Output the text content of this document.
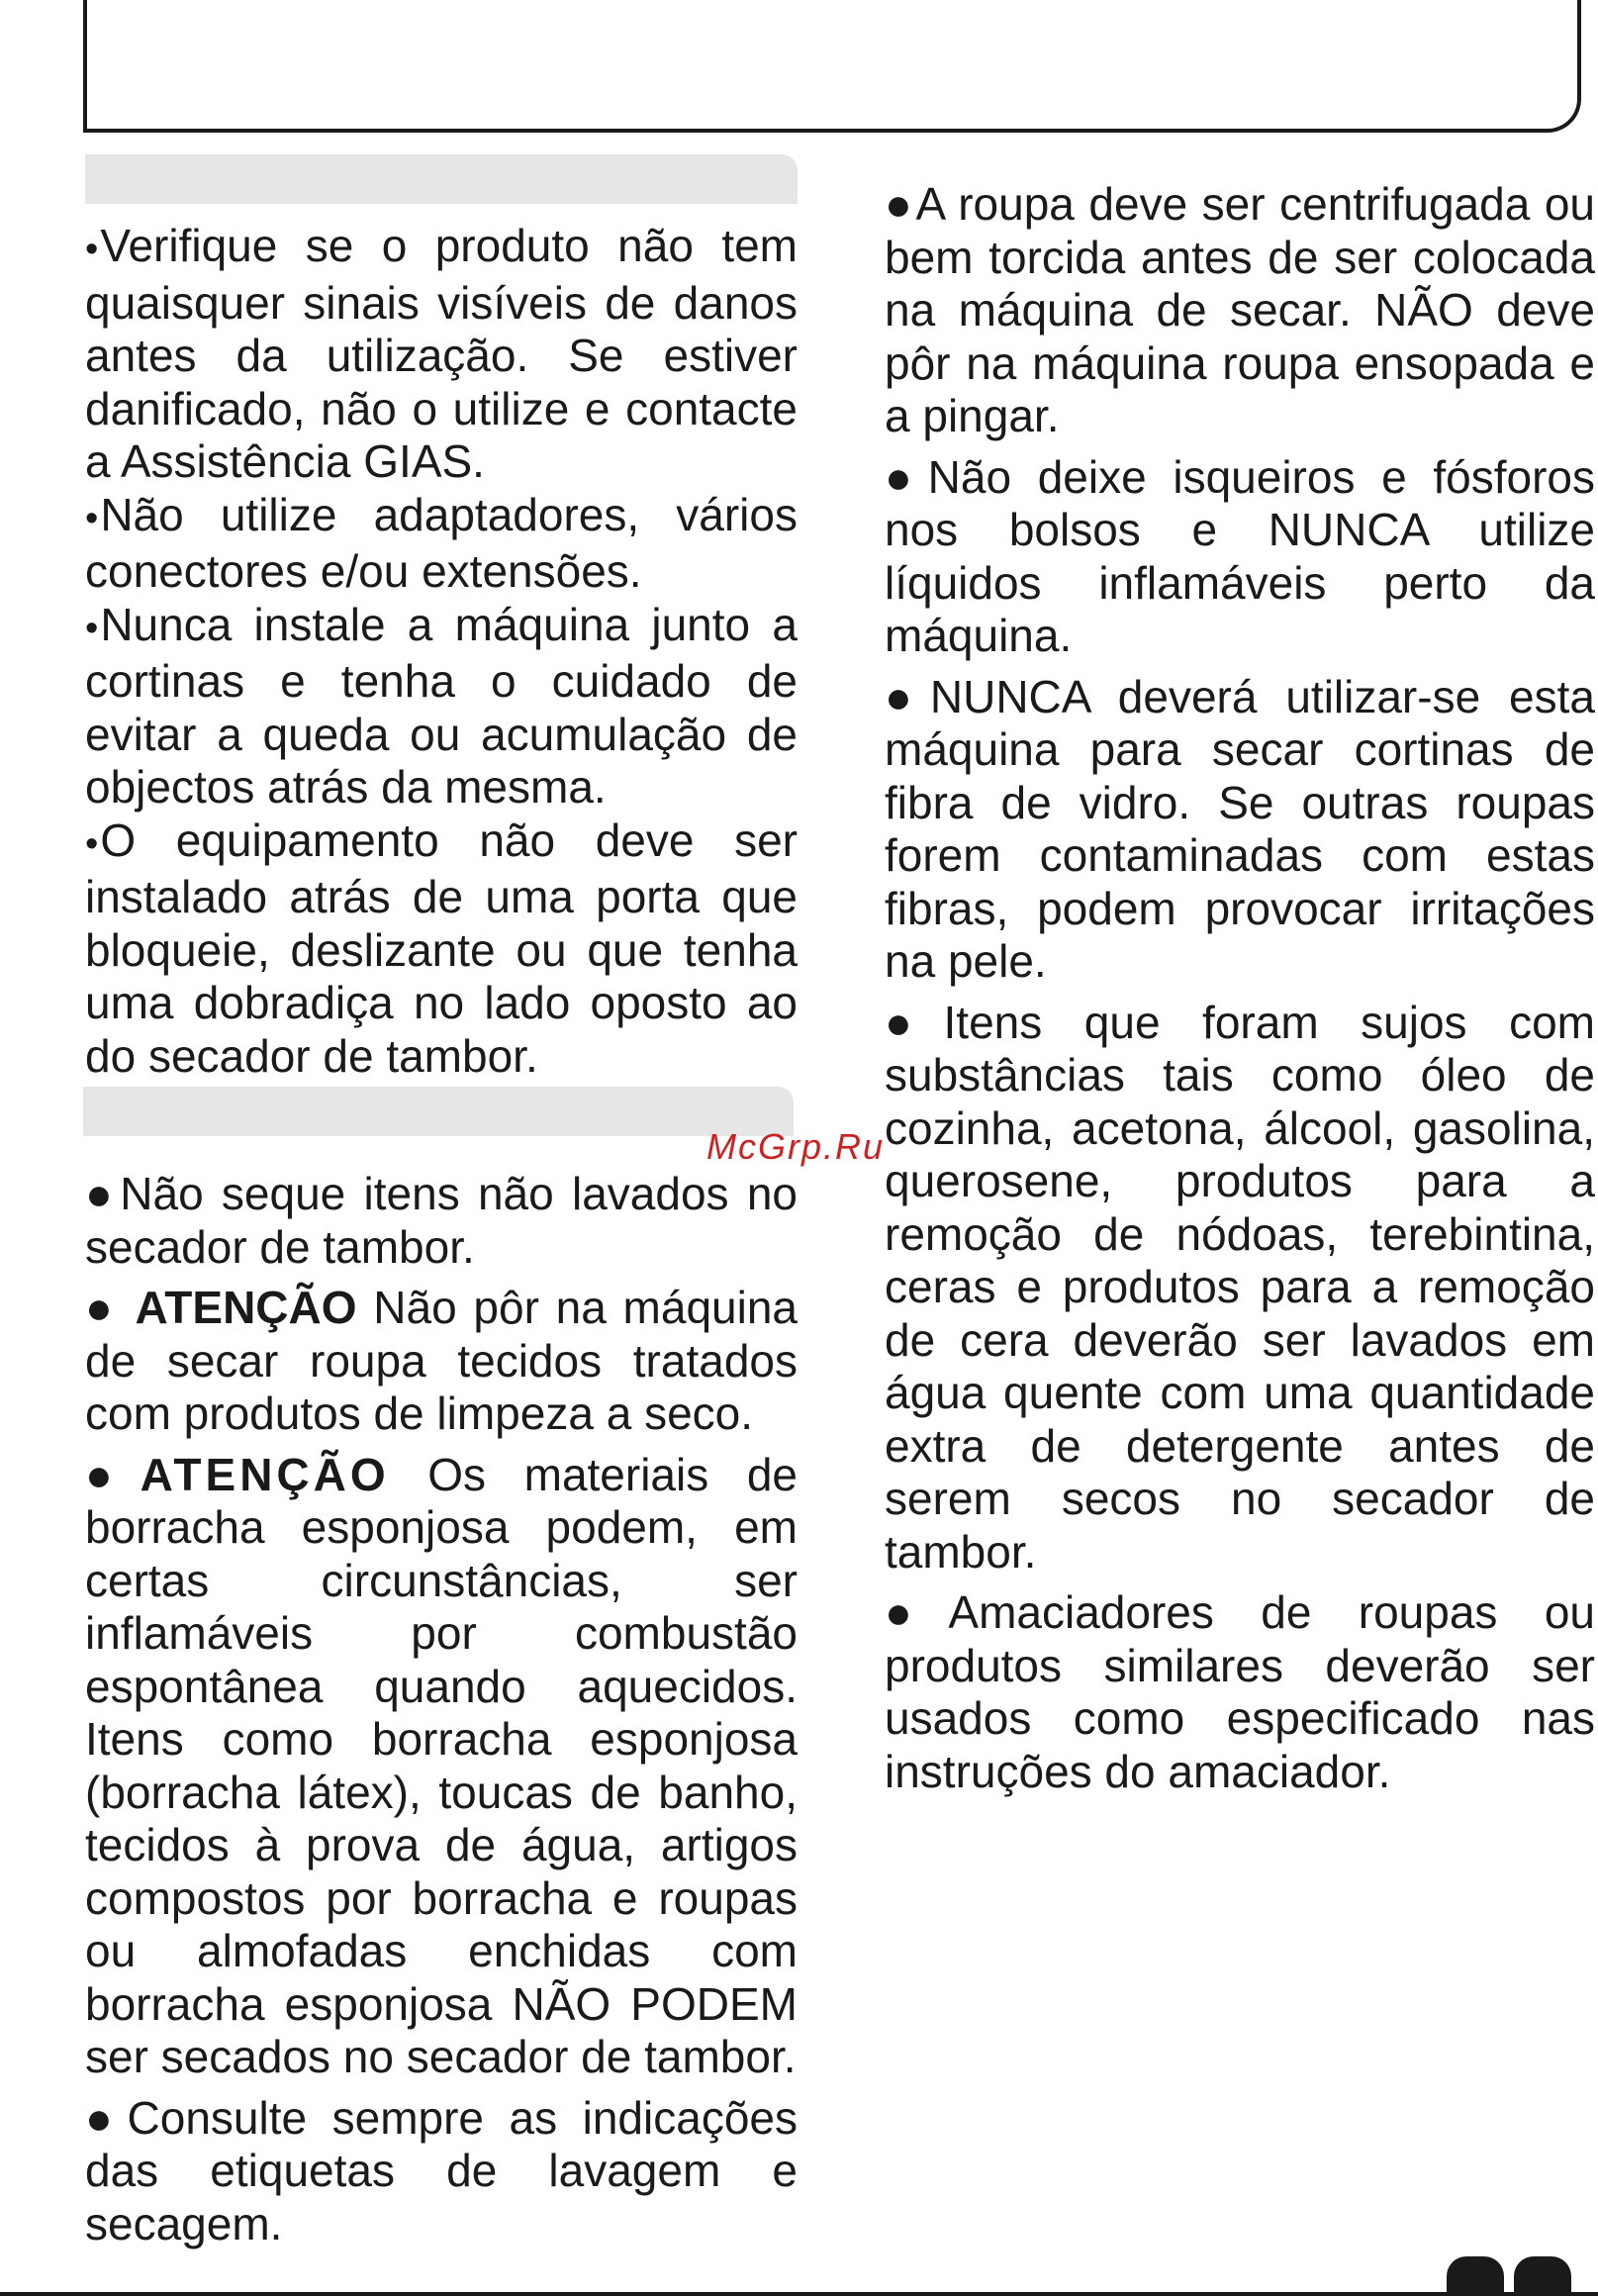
•Verifique se o produto não tem quaisquer sinais visíveis de danos antes da utilização. Se estiver danificado, não o utilize e contacte a Assistência GIAS.

•Não utilize adaptadores, vários conectores e/ou extensões.

•Nunca instale a máquina junto a cortinas e tenha o cuidado de evitar a queda ou acumulação de objectos atrás da mesma.

•O equipamento não deve ser instalado atrás de uma porta que bloqueie, deslizante ou que tenha uma dobradiça no lado oposto ao do secador de tambor.

●Não seque itens não lavados no secador de tambor.

● ATENÇÃO Não pôr na máquina de secar roupa tecidos tratados com produtos de limpeza a seco.

●ATENÇÃO Os materiais de borracha esponjosa podem, em certas circunstâncias, ser inflamáveis por combustão espontânea quando aquecidos. Itens como borracha esponjosa (borracha látex), toucas de banho, tecidos à prova de água, artigos compostos por borracha e roupas ou almofadas enchidas com borracha esponjosa NÃO PODEM ser secados no secador de tambor.

●Consulte sempre as indicações das etiquetas de lavagem e secagem.

●A roupa deve ser centrifugada ou bem torcida antes de ser colocada na máquina de secar. NÃO deve pôr na máquina roupa ensopada e a pingar.

●Não deixe isqueiros e fósforos nos bolsos e NUNCA utilize líquidos inflamáveis perto da máquina.

●NUNCA deverá utilizar-se esta máquina para secar cortinas de fibra de vidro. Se outras roupas forem contaminadas com estas fibras, podem provocar irritações na pele.

●Itens que foram sujos com substâncias tais como óleo de cozinha, acetona, álcool, gasolina, querosene, produtos para a remoção de nódoas, terebintina, ceras e produtos para a remoção de cera deverão ser lavados em água quente com uma quantidade extra de detergente antes de serem secos no secador de tambor.

●Amaciadores de roupas ou produtos similares deverão ser usados como especificado nas instruções do amaciador.

McGrp.Ru
